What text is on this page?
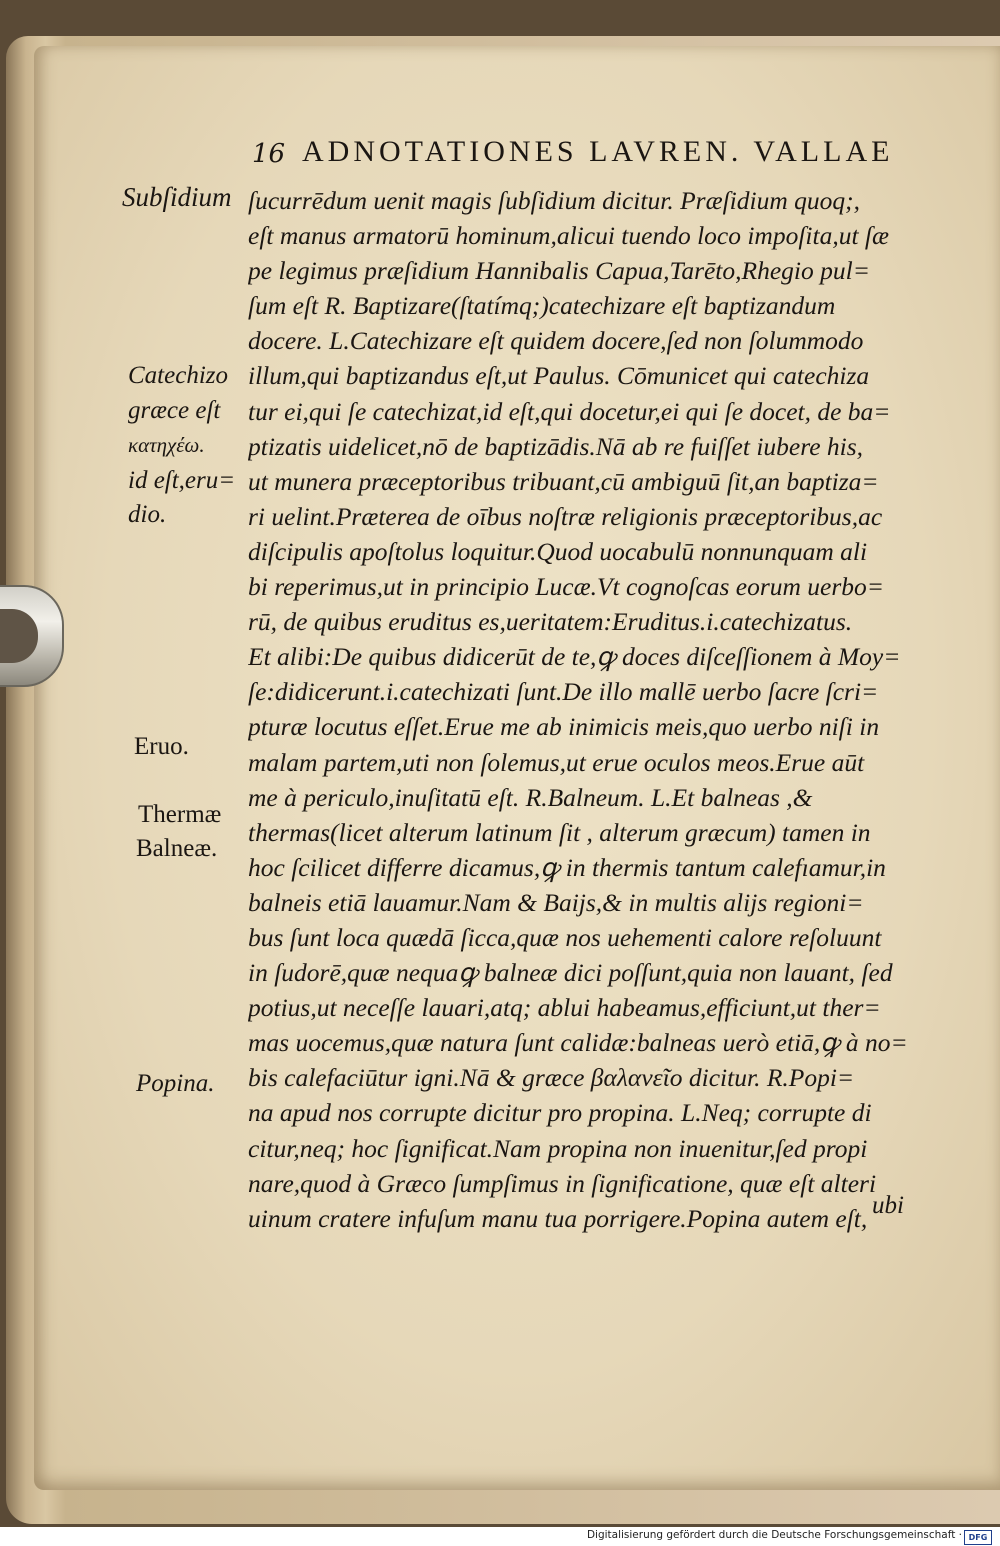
16 ADNOTATIONES LAVREN. VALLAE
Subſidium
Catechizo
græce eſt
κατηχέω.
id eſt,eru=
dio.
Eruo.
Thermæ
Balneæ.
Popina.
ſucurrēdum uenit magis ſubſidium dicitur. Præſidium quoq;,
eſt manus armatorū hominum,alicui tuendo loco impoſita,ut ſæ
pe legimus præſidium Hannibalis Capua,Tarēto,Rhegio pul=
ſum eſt R. Baptizare(ſtatímq;)catechizare eſt baptizandum
docere. L.Catechizare eſt quidem docere,ſed non ſolummodo
illum,qui baptizandus eſt,ut Paulus. Cōmunicet qui catechiza
tur ei,qui ſe catechizat,id eſt,qui docetur,ei qui ſe docet, de ba=
ptizatis uidelicet,nō de baptizādis.Nā ab re fuiſſet iubere his,
ut munera præceptoribus tribuant,cū ambiguū ſit,an baptiza=
ri uelint.Præterea de oībus noſtræ religionis præceptoribus,ac
diſcipulis apoſtolus loquitur.Quod uocabulū nonnunquam ali
bi reperimus,ut in principio Lucæ.Vt cognoſcas eorum uerbo=
rū, de quibus eruditus es,ueritatem:Eruditus.i.catechizatus.
Et alibi:De quibus didicerūt de te,ꝙ doces diſceſſionem à Moy=
ſe:didicerunt.i.catechizati ſunt.De illo mallē uerbo ſacre ſcri=
pturæ locutus eſſet.Erue me ab inimicis meis,quo uerbo niſi in
malam partem,uti non ſolemus,ut erue oculos meos.Erue aūt
me à periculo,inuſitatū eſt. R.Balneum. L.Et balneas ,&
thermas(licet alterum latinum ſit , alterum græcum) tamen in
hoc ſcilicet differre dicamus,ꝙ in thermis tantum calefıamur,in
balneis etiā lauamur.Nam & Baijs,& in multis alijs regioni=
bus ſunt loca quædā ſicca,quæ nos uehementi calore reſoluunt
in ſudorē,quæ nequaꝙ balneæ dici poſſunt,quia non lauant, ſed
potius,ut neceſſe lauari,atq; ablui habeamus,efficiunt,ut ther=
mas uocemus,quæ natura ſunt calidæ:balneas uerò etiā,ꝙ à no=
bis calefaciūtur igni.Nā & græce βαλανεῖο dicitur. R.Popi=
na apud nos corrupte dicitur pro propina. L.Neq; corrupte di
citur,neq; hoc ſignificat.Nam propina non inuenitur,ſed propi
nare,quod à Græco ſumpſimus in ſignificatione, quæ eſt alteri
uinum cratere infuſum manu tua porrigere.Popina autem eſt, ubi
Digitalisierung gefördert durch die Deutsche Forschungsgemeinschaft · DFG
